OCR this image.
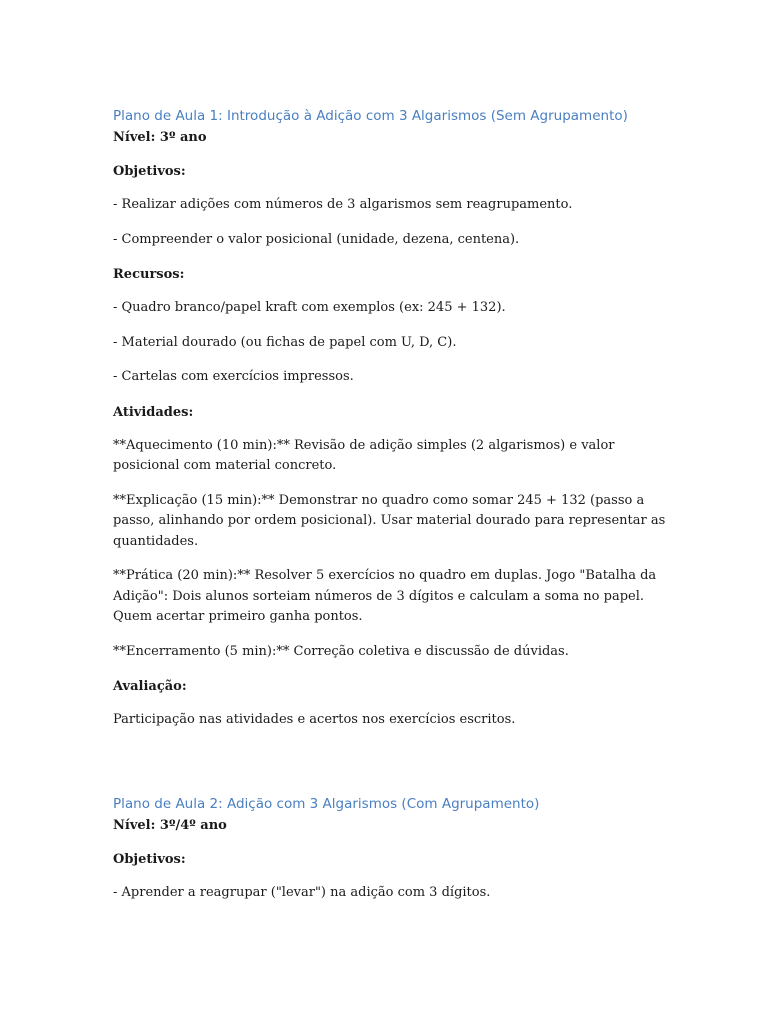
Plano de Aula 1: Introdução à Adição com 3 Algarismos (Sem Agrupamento)

Nível: 3º ano

Objetivos:

- Realizar adições com números de 3 algarismos sem reagrupamento.
- Compreender o valor posicional (unidade, dezena, centena).

Recursos:

- Quadro branco/papel kraft com exemplos (ex: 245 + 132).
- Material dourado (ou fichas de papel com U, D, C).
- Cartelas com exercícios impressos.

Atividades:

**Aquecimento (10 min):** Revisão de adição simples (2 algarismos) e valor posicional com material concreto.
**Explicação (15 min):** Demonstrar no quadro como somar 245 + 132 (passo a passo, alinhando por ordem posicional). Usar material dourado para representar as quantidades.
**Prática (20 min):** Resolver 5 exercícios no quadro em duplas. Jogo "Batalha da Adição": Dois alunos sorteiam números de 3 dígitos e calculam a soma no papel. Quem acertar primeiro ganha pontos.
**Encerramento (5 min):** Correção coletiva e discussão de dúvidas.

Avaliação:

Participação nas atividades e acertos nos exercícios escritos.

Plano de Aula 2: Adição com 3 Algarismos (Com Agrupamento)

Nível: 3º/4º ano

Objetivos:

- Aprender a reagrupar ("levar") na adição com 3 dígitos.
